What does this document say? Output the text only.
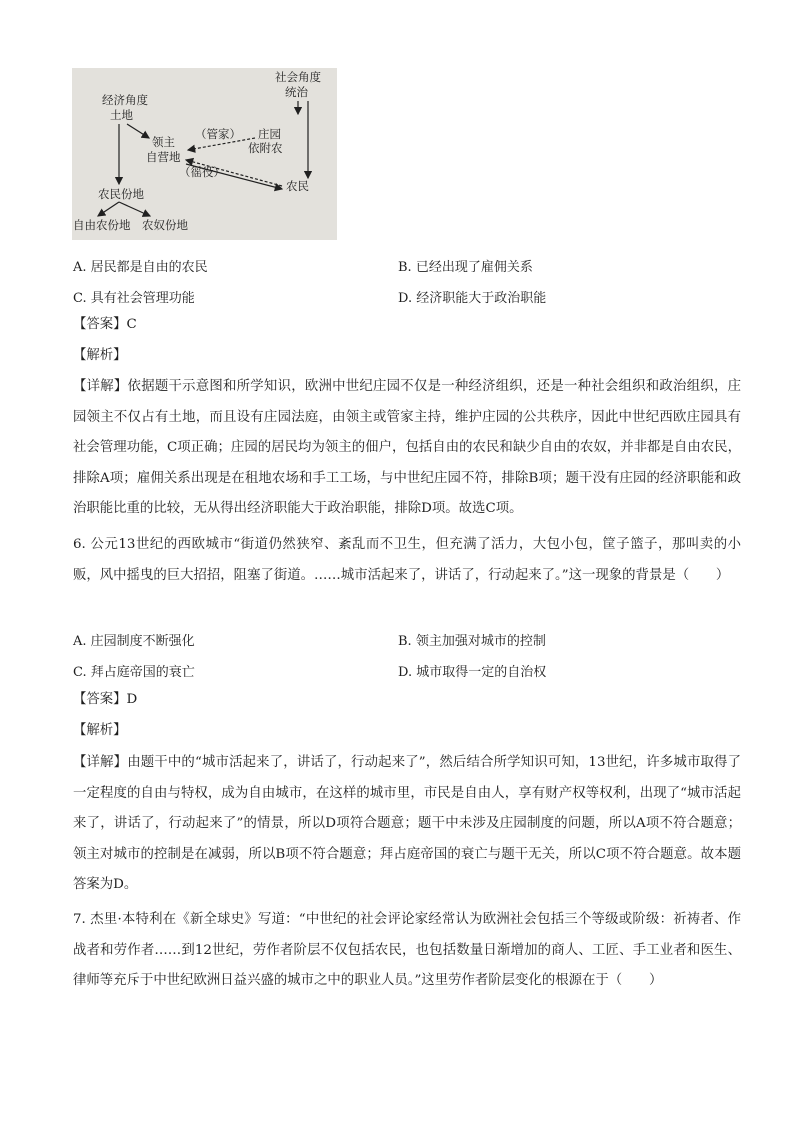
经济角度
土地
社会角度
统治
领主
自营地
（管家） 庄园
依附农
（徭役）
农民
农民份地
自由农份地 农奴份地
A. 居民都是自由的农民	B. 已经出现了雇佣关系
C. 具有社会管理功能	D. 经济职能大于政治职能
【答案】C
【解析】
【详解】依据题干示意图和所学知识，欧洲中世纪庄园不仅是一种经济组织，还是一种社会组织和政治组织，庄园领主不仅占有土地，而且设有庄园法庭，由领主或管家主持，维护庄园的公共秩序，因此中世纪西欧庄园具有社会管理功能，C项正确；庄园的居民均为领主的佃户，包括自由的农民和缺少自由的农奴，并非都是自由农民，排除A项；雇佣关系出现是在租地农场和手工工场，与中世纪庄园不符，排除B项；题干没有庄园的经济职能和政治职能比重的比较，无从得出经济职能大于政治职能，排除D项。故选C项。
6. 公元13世纪的西欧城市“街道仍然狭窄、紊乱而不卫生，但充满了活力，大包小包，筐子篮子，那叫卖的小贩，风中摇曳的巨大招招，阻塞了街道。……城市活起来了，讲话了，行动起来了。”这一现象的背景是（　　）
A. 庄园制度不断强化	B. 领主加强对城市的控制
C. 拜占庭帝国的衰亡	D. 城市取得一定的自治权
【答案】D
【解析】
【详解】由题干中的“城市活起来了，讲话了，行动起来了”，然后结合所学知识可知，13世纪，许多城市取得了一定程度的自由与特权，成为自由城市，在这样的城市里，市民是自由人，享有财产权等权利，出现了“城市活起来了，讲话了，行动起来了”的情景，所以D项符合题意；题干中未涉及庄园制度的问题，所以A项不符合题意；领主对城市的控制是在减弱，所以B项不符合题意；拜占庭帝国的衰亡与题干无关，所以C项不符合题意。故本题答案为D。
7. 杰里·本特利在《新全球史》写道：“中世纪的社会评论家经常认为欧洲社会包括三个等级或阶级：祈祷者、作战者和劳作者……到12世纪，劳作者阶层不仅包括农民，也包括数量日渐增加的商人、工匠、手工业者和医生、律师等充斥于中世纪欧洲日益兴盛的城市之中的职业人员。”这里劳作者阶层变化的根源在于（　　）
